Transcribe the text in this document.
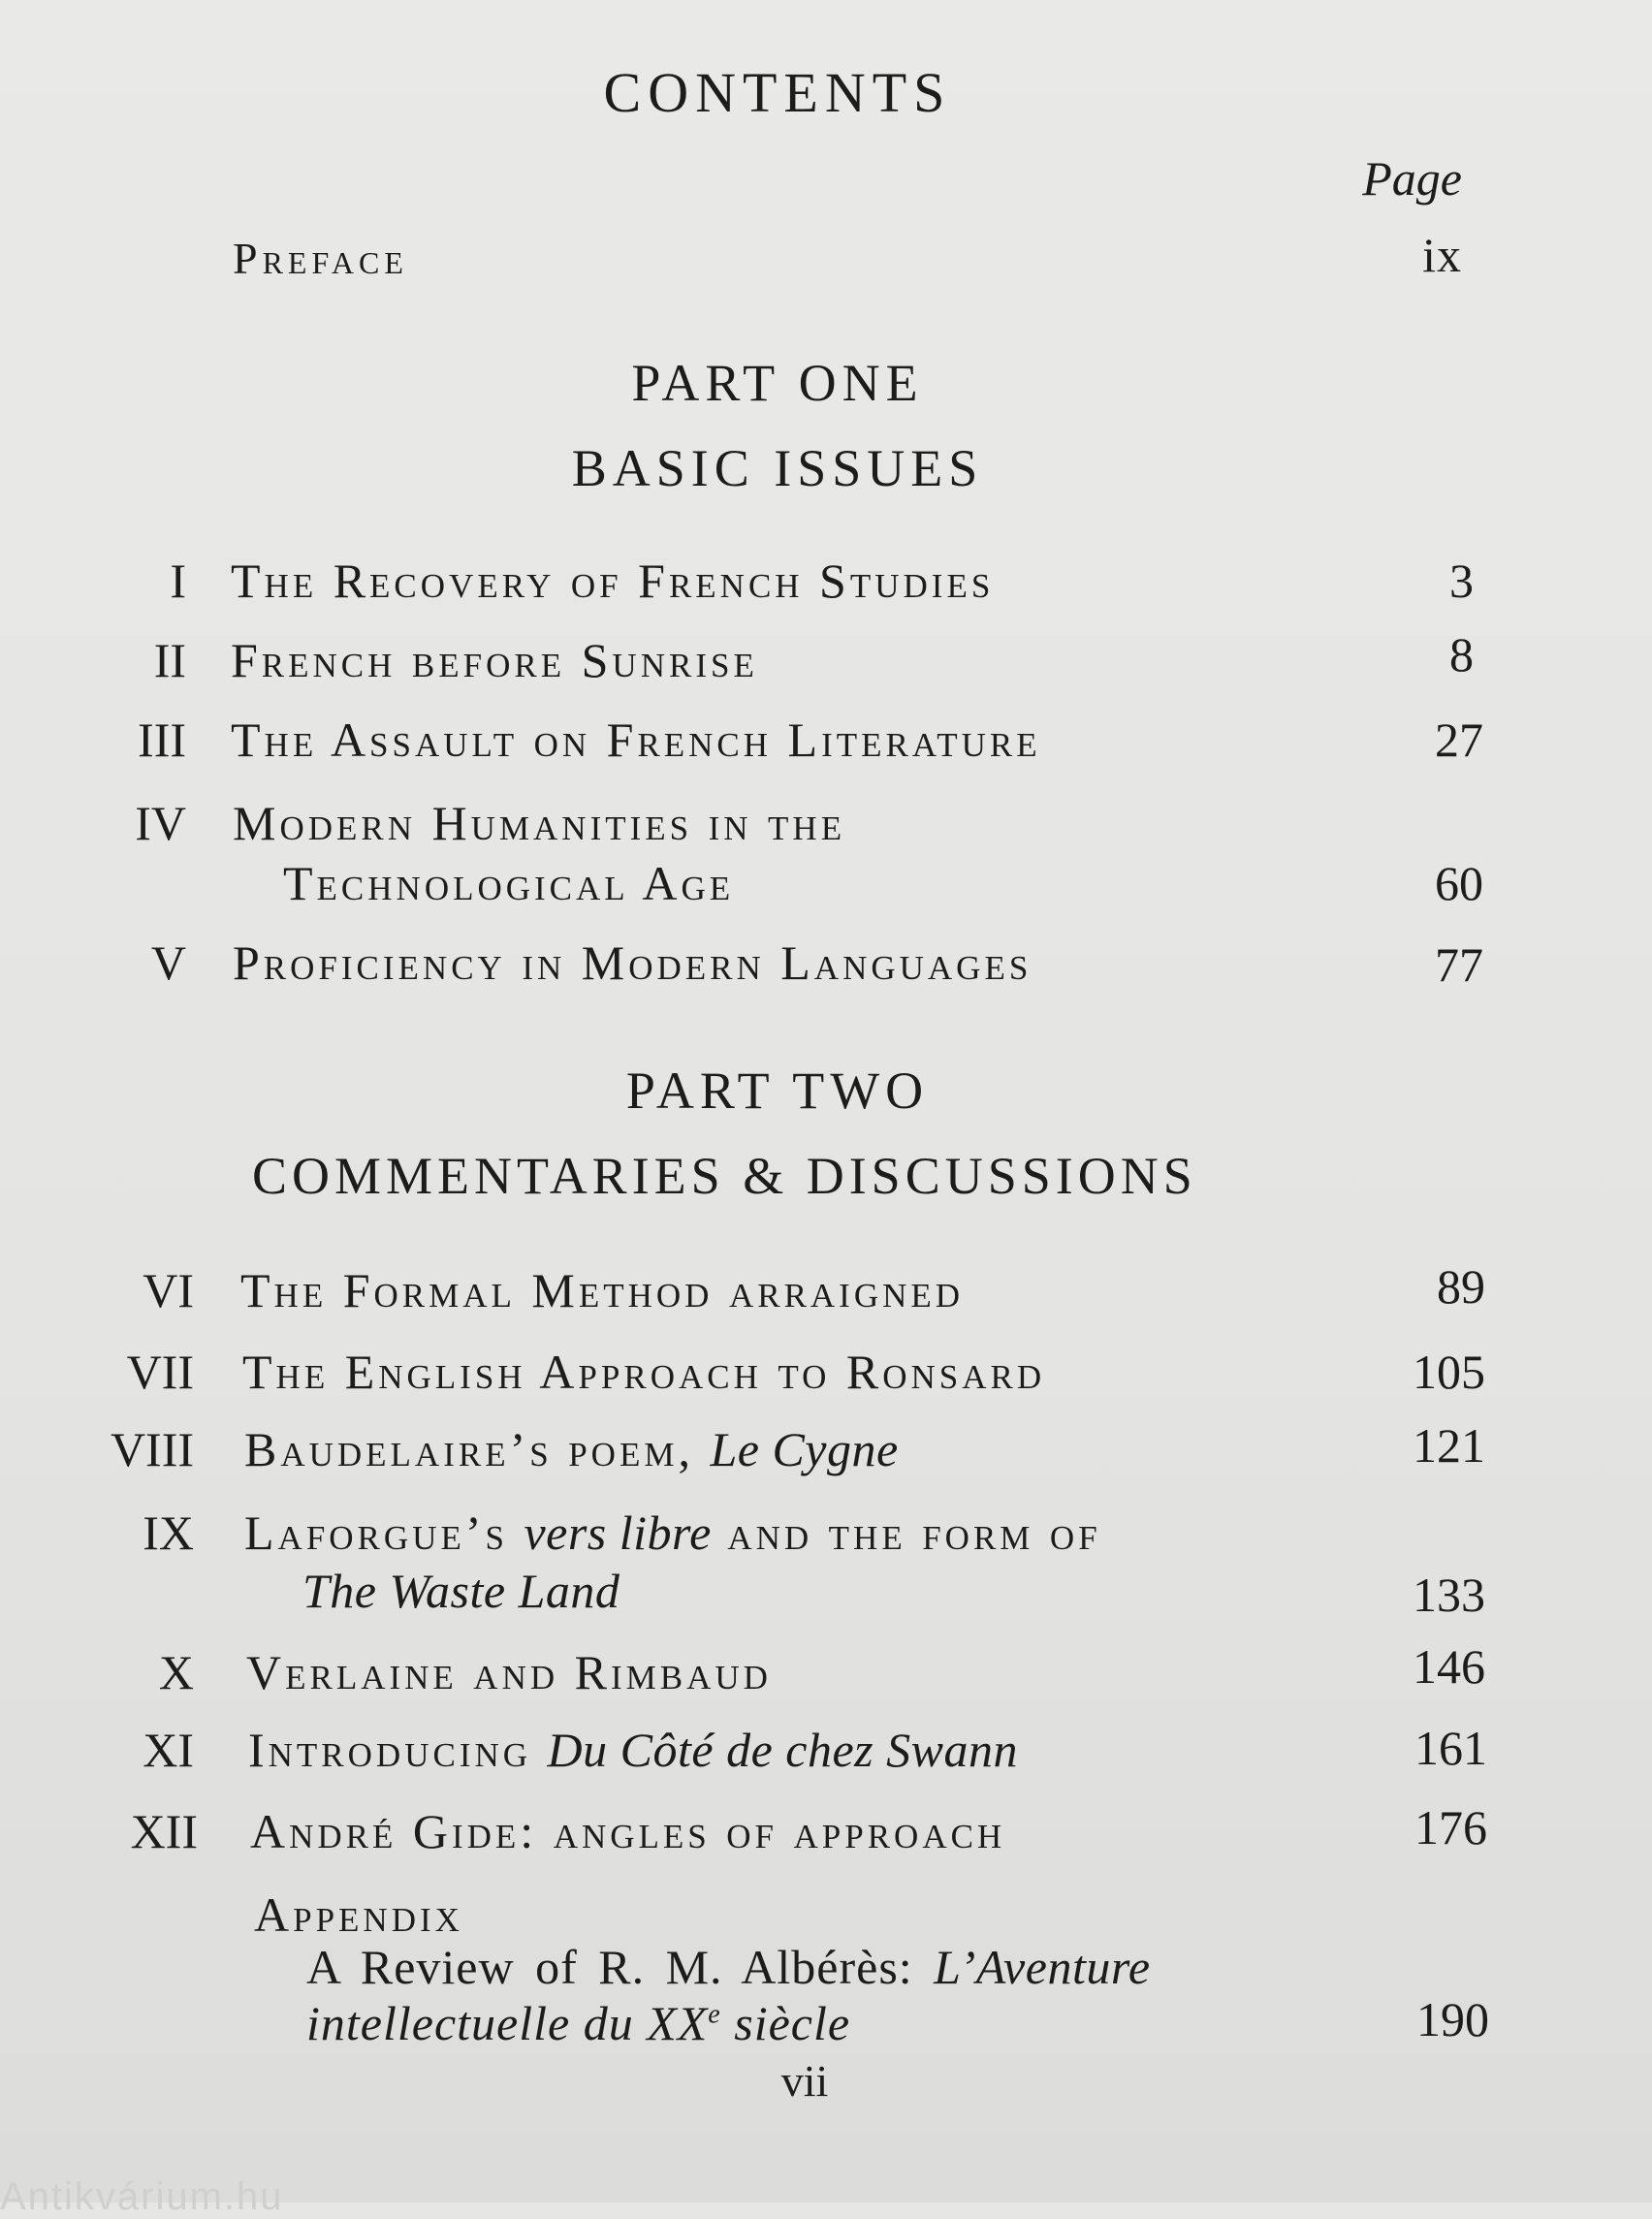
CONTENTS
Page
Preface	ix
PART ONE
BASIC ISSUES
I The Recovery of French Studies	3
II French before Sunrise	8
III The Assault on French Literature	27
IV Modern Humanities in the
Technological Age	60
V Proficiency in Modern Languages	77
PART TWO
COMMENTARIES & DISCUSSIONS
VI The Formal Method arraigned	89
VII The English Approach to Ronsard	105
VIII Baudelaire’s poem, Le Cygne	121
IX Laforgue’s vers libre and the form of
The Waste Land	133
X Verlaine and Rimbaud	146
XI Introducing Du Côté de chez Swann	161
XII André Gide: angles of approach	176
Appendix
A Review of R. M. Albérès: L’Aventure
intellectuelle du XXe siècle	190
vii
Antikvárium.hu
